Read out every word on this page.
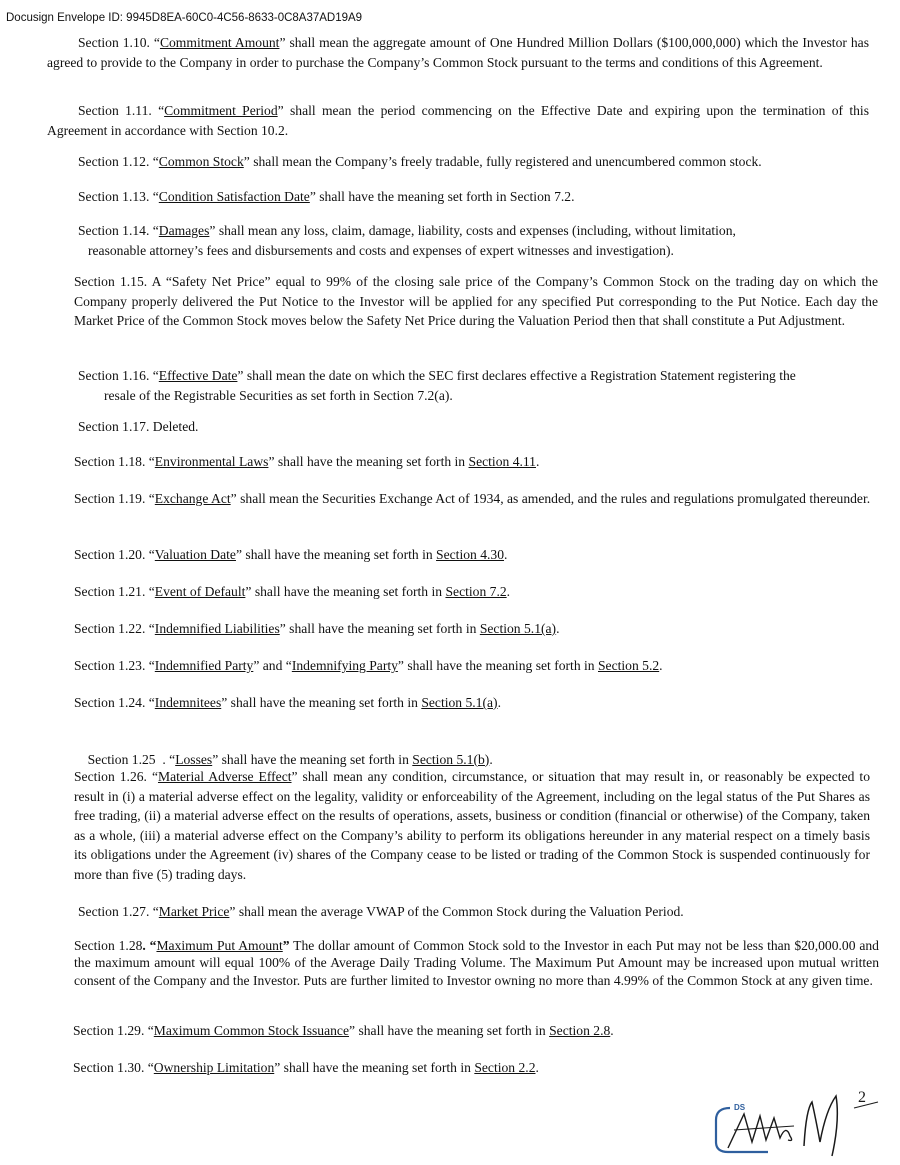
Docusign Envelope ID: 9945D8EA-60C0-4C56-8633-0C8A37AD19A9

Section 1.10. “Commitment Amount” shall mean the aggregate amount of One Hundred Million Dollars ($100,000,000) which the Investor has agreed to provide to the Company in order to purchase the Company’s Common Stock pursuant to the terms and conditions of this Agreement.

Section 1.11. “Commitment Period” shall mean the period commencing on the Effective Date and expiring upon the termination of this Agreement in accordance with Section 10.2.

Section 1.12. “Common Stock” shall mean the Company’s freely tradable, fully registered and unencumbered common stock.

Section 1.13. “Condition Satisfaction Date” shall have the meaning set forth in Section 7.2.

Section 1.14. “Damages” shall mean any loss, claim, damage, liability, costs and expenses (including, without limitation,
reasonable attorney’s fees and disbursements and costs and expenses of expert witnesses and investigation).

Section 1.15. A “Safety Net Price” equal to 99% of the closing sale price of the Company’s Common Stock on the trading day on which the Company properly delivered the Put Notice to the Investor will be applied for any specified Put corresponding to the Put Notice. Each day the Market Price of the Common Stock moves below the Safety Net Price during the Valuation Period then that shall constitute a Put Adjustment.

Section 1.16. “Effective Date” shall mean the date on which the SEC first declares effective a Registration Statement registering the
resale of the Registrable Securities as set forth in Section 7.2(a).

Section 1.17. Deleted.

Section 1.18. “Environmental Laws” shall have the meaning set forth in Section 4.11.

Section 1.19. “Exchange Act” shall mean the Securities Exchange Act of 1934, as amended, and the rules and regulations promulgated thereunder.

Section 1.20. “Valuation Date” shall have the meaning set forth in Section 4.30.

Section 1.21. “Event of Default” shall have the meaning set forth in Section 7.2.

Section 1.22. “Indemnified Liabilities” shall have the meaning set forth in Section 5.1(a).

Section 1.23. “Indemnified Party” and “Indemnifying Party” shall have the meaning set forth in Section 5.2.

Section 1.24. “Indemnitees” shall have the meaning set forth in Section 5.1(a).

Section 1.25  . “Losses” shall have the meaning set forth in Section 5.1(b).

Section 1.26. “Material Adverse Effect” shall mean any condition, circumstance, or situation that may result in, or reasonably be expected to result in (i) a material adverse effect on the legality, validity or enforceability of the Agreement, including on the legal status of the Put Shares as free trading, (ii) a material adverse effect on the results of operations, assets, business or condition (financial or otherwise) of the Company, taken as a whole, (iii) a material adverse effect on the Company’s ability to perform its obligations hereunder in any material respect on a timely basis its obligations under the Agreement (iv) shares of the Company cease to be listed or trading of the Common Stock is suspended continuously for more than five (5) trading days.

Section 1.27. “Market Price” shall mean the average VWAP of the Common Stock during the Valuation Period.

Section 1.28. “Maximum Put Amount” The dollar amount of Common Stock sold to the Investor in each Put may not be less than $20,000.00 and the maximum amount will equal 100% of the Average Daily Trading Volume. The Maximum Put Amount may be increased upon mutual written consent of the Company and the Investor. Puts are further limited to Investor owning no more than 4.99% of the Common Stock at any given time.

Section 1.29. “Maximum Common Stock Issuance” shall have the meaning set forth in Section 2.8.

Section 1.30. “Ownership Limitation” shall have the meaning set forth in Section 2.2.

DS
2
